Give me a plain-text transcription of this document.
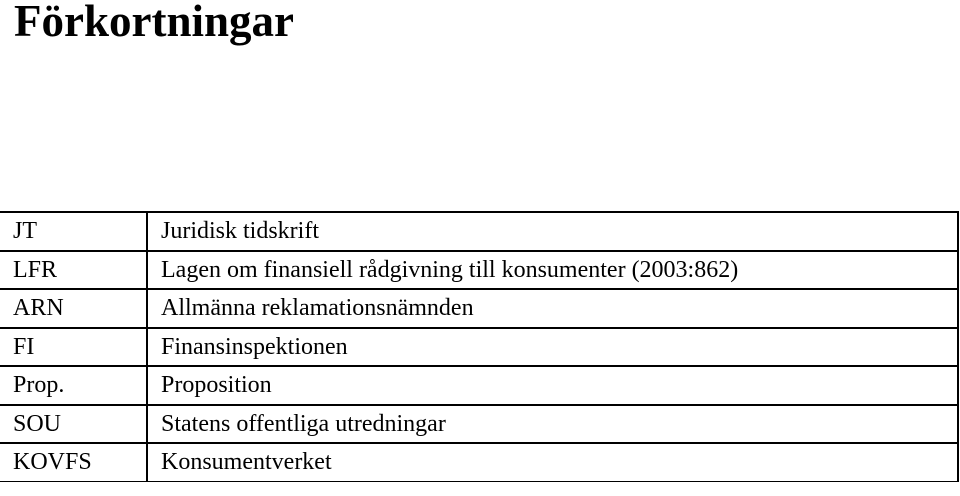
Förkortningar
JT	Juridisk tidskrift
LFR	Lagen om finansiell rådgivning till konsumenter (2003:862)
ARN	Allmänna reklamationsnämnden
FI	Finansinspektionen
Prop.	Proposition
SOU	Statens offentliga utredningar
KOVFS	Konsumentverket
